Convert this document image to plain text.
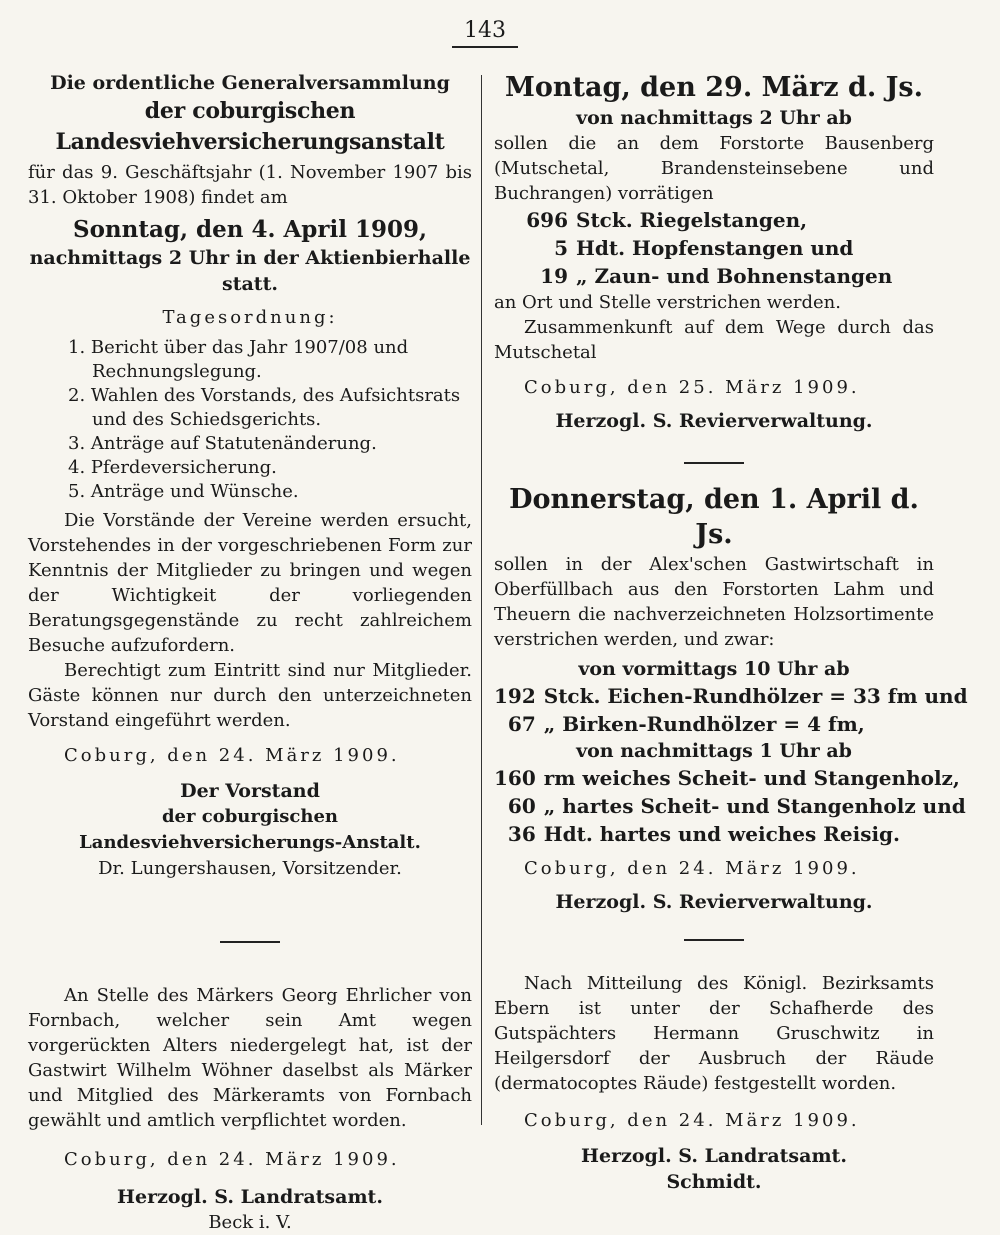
143

Die ordentliche Generalversammlung

der coburgischen Landesviehversicherungsanstalt

für das 9. Geschäftsjahr (1. November 1907 bis 31. Oktober 1908) findet am

Sonntag, den 4. April 1909,

nachmittags 2 Uhr in der Aktienbierhalle statt.

Tagesordnung:

1. Bericht über das Jahr 1907/08 und Rechnungslegung.
2. Wahlen des Vorstands, des Aufsichtsrats und des Schiedsgerichts.
3. Anträge auf Statutenänderung.
4. Pferdeversicherung.
5. Anträge und Wünsche.

Die Vorstände der Vereine werden ersucht, Vorstehendes in der vorgeschriebenen Form zur Kenntnis der Mitglieder zu bringen und wegen der Wichtigkeit der vorliegenden Beratungsgegenstände zu recht zahlreichem Besuche aufzufordern.

Berechtigt zum Eintritt sind nur Mitglieder. Gäste können nur durch den unterzeichneten Vorstand eingeführt werden.

Coburg, den 24. März 1909.

Der Vorstand

der coburgischen Landesviehversicherungs-Anstalt.

Dr. Lungershausen, Vorsitzender.

An Stelle des Märkers Georg Ehrlicher von Fornbach, welcher sein Amt wegen vorgerückten Alters niedergelegt hat, ist der Gastwirt Wilhelm Wöhner daselbst als Märker und Mitglied des Märkeramts von Fornbach gewählt und amtlich verpflichtet worden.

Coburg, den 24. März 1909.

Herzogl. S. Landratsamt.

Beck i. V.

Montag, den 29. März d. Js.

von nachmittags 2 Uhr ab

sollen die an dem Forstorte Bausenberg (Mutschetal, Brandensteinsebene und Buchrangen) vorrätigen

696	Stck. Riegelstangen,
5	Hdt. Hopfenstangen und
19	„ Zaun- und Bohnenstangen

an Ort und Stelle verstrichen werden.

Zusammenkunft auf dem Wege durch das Mutschetal

Coburg, den 25. März 1909.

Herzogl. S. Revierverwaltung.

Donnerstag, den 1. April d. Js.

sollen in der Alex'schen Gastwirtschaft in Oberfüllbach aus den Forstorten Lahm und Theuern die nachverzeichneten Holzsortimente verstrichen werden, und zwar:

von vormittags 10 Uhr ab

192	Stck. Eichen-Rundhölzer = 33 fm und
67	„ Birken-Rundhölzer = 4 fm,

von nachmittags 1 Uhr ab

160	rm weiches Scheit- und Stangenholz,
60	„ hartes Scheit- und Stangenholz und
36	Hdt. hartes und weiches Reisig.

Coburg, den 24. März 1909.

Herzogl. S. Revierverwaltung.

Nach Mitteilung des Königl. Bezirksamts Ebern ist unter der Schafherde des Gutspächters Hermann Gruschwitz in Heilgersdorf der Ausbruch der Räude (dermatocoptes Räude) festgestellt worden.

Coburg, den 24. März 1909.

Herzogl. S. Landratsamt.

Schmidt.
